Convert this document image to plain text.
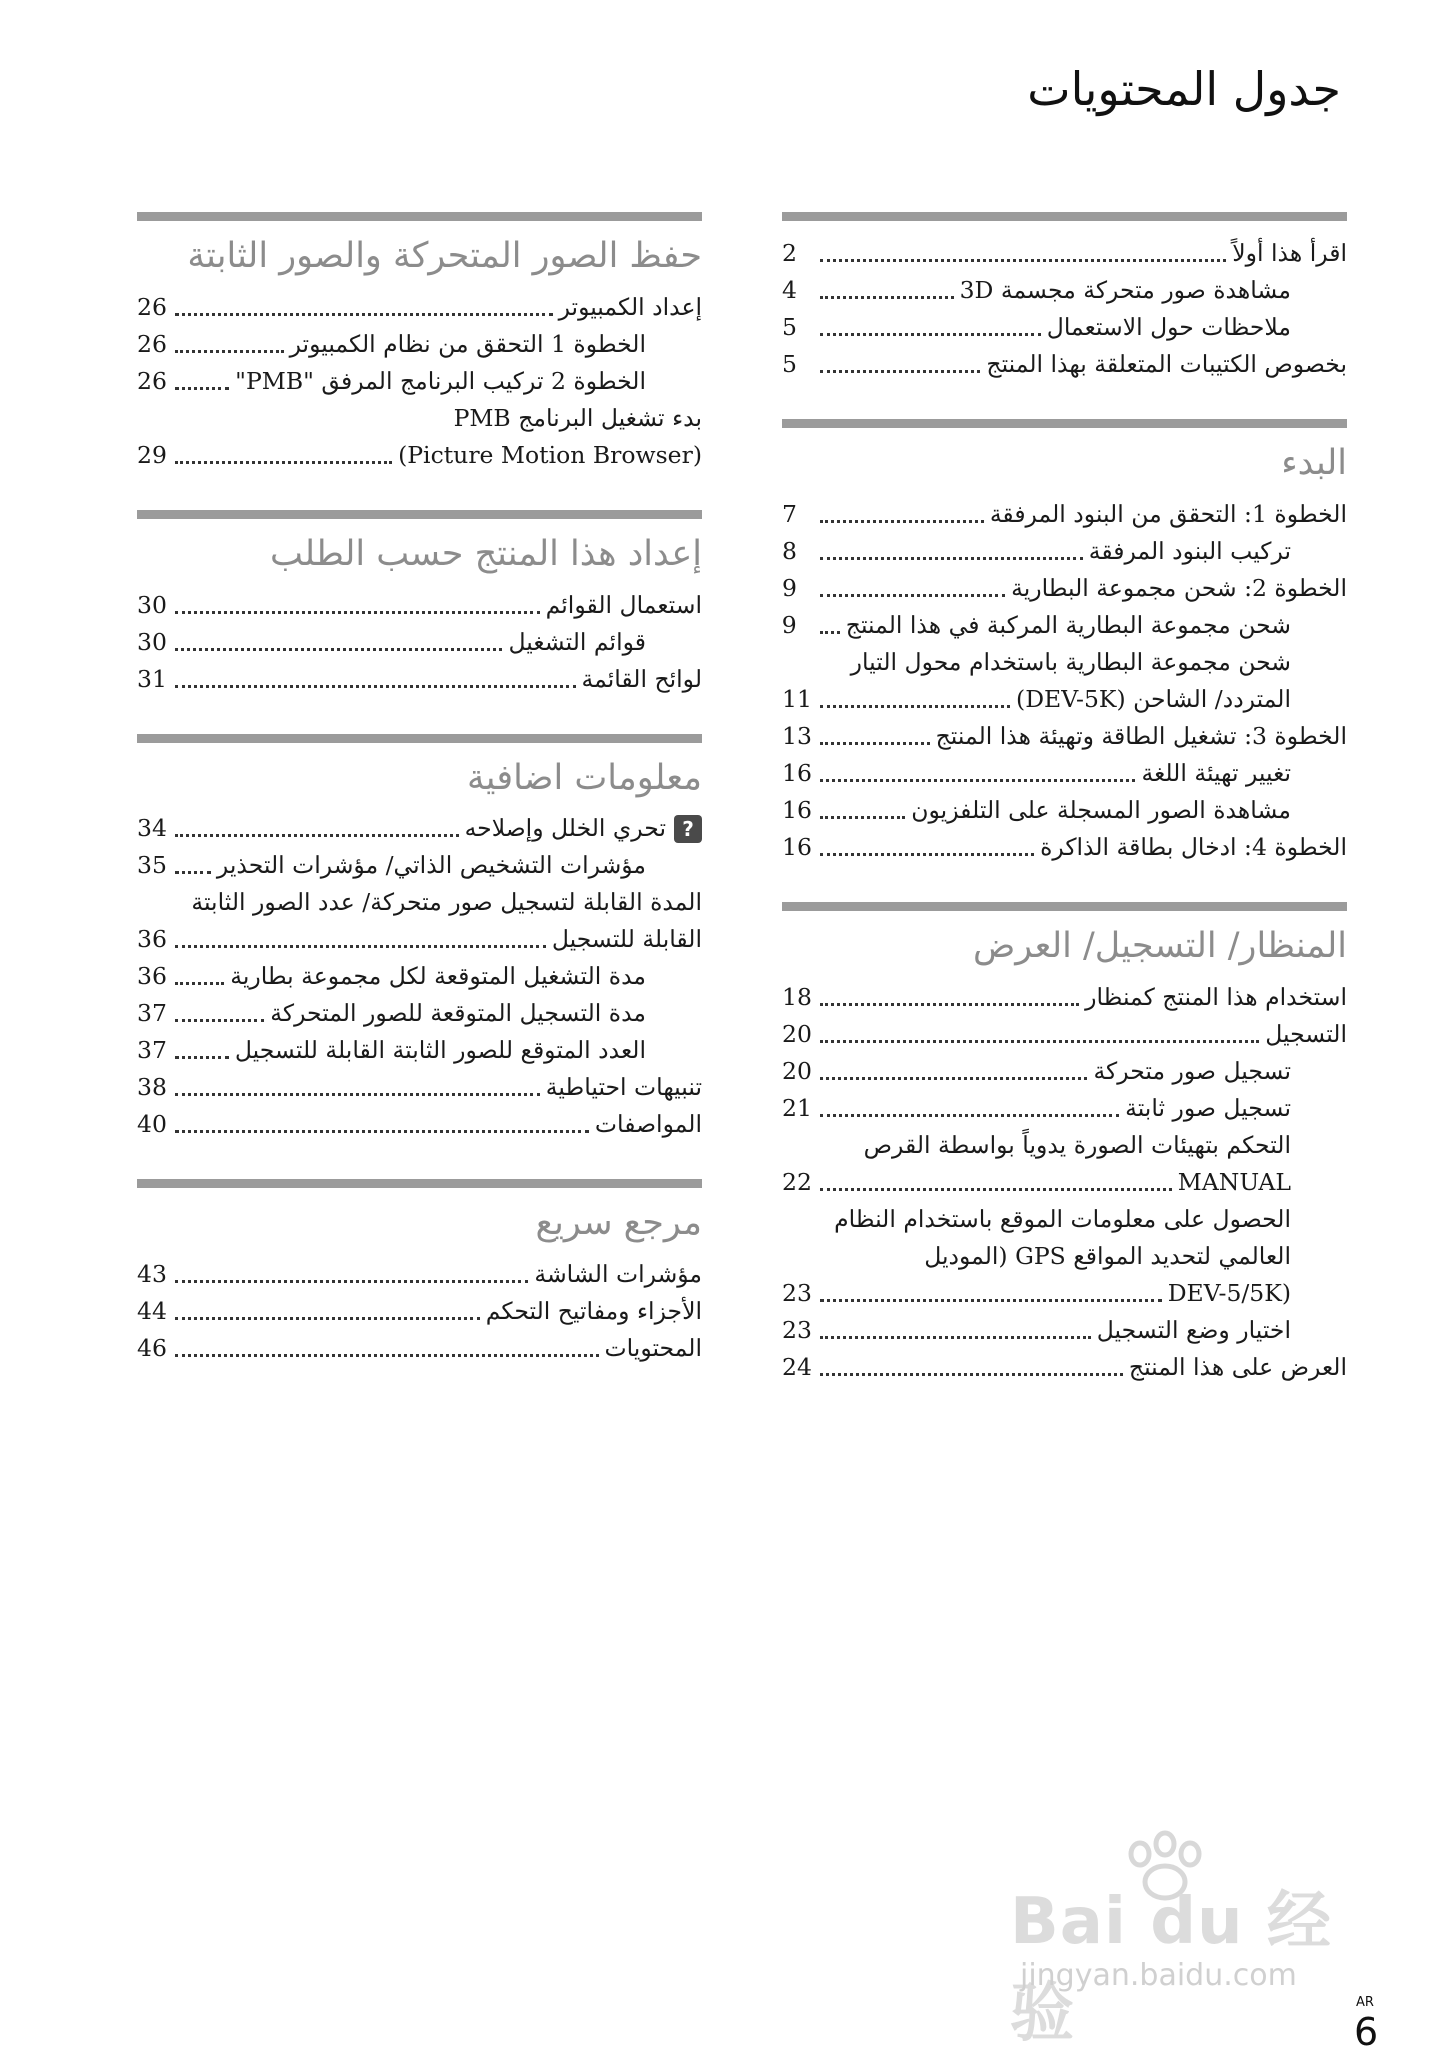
جدول المحتويات
اقرأ هذا أولاً
2
مشاهدة صور متحركة مجسمة 3D
4
ملاحظات حول الاستعمال
5
بخصوص الكتيبات المتعلقة بهذا المنتج
5
البدء
الخطوة 1: التحقق من البنود المرفقة
7
تركيب البنود المرفقة
8
الخطوة 2: شحن مجموعة البطارية
9
شحن مجموعة البطارية المركبة في هذا المنتج
9
شحن مجموعة البطارية باستخدام محول التيار
المتردد/ الشاحن (DEV-5K)
11
الخطوة 3: تشغيل الطاقة وتهيئة هذا المنتج
13
تغيير تهيئة اللغة
16
مشاهدة الصور المسجلة على التلفزيون
16
الخطوة 4: ادخال بطاقة الذاكرة
16
المنظار/ التسجيل/ العرض
استخدام هذا المنتج كمنظار
18
التسجيل
20
تسجيل صور متحركة
20
تسجيل صور ثابتة
21
التحكم بتهيئات الصورة يدوياً بواسطة القرص
MANUAL
22
الحصول على معلومات الموقع باستخدام النظام
العالمي لتحديد المواقع GPS (الموديل
(DEV-5/5K
23
اختيار وضع التسجيل
23
العرض على هذا المنتج
24
حفظ الصور المتحركة والصور الثابتة
إعداد الكمبيوتر
26
الخطوة 1 التحقق من نظام الكمبيوتر
26
الخطوة 2 تركيب البرنامج المرفق "PMB"
26
بدء تشغيل البرنامج PMB
(Picture Motion Browser)
29
إعداد هذا المنتج حسب الطلب
استعمال القوائم
30
قوائم التشغيل
30
لوائح القائمة
31
معلومات اضافية
?
تحري الخلل وإصلاحه
34
مؤشرات التشخيص الذاتي/ مؤشرات التحذير
35
المدة القابلة لتسجيل صور متحركة/ عدد الصور الثابتة
القابلة للتسجيل
36
مدة التشغيل المتوقعة لكل مجموعة بطارية
36
مدة التسجيل المتوقعة للصور المتحركة
37
العدد المتوقع للصور الثابتة القابلة للتسجيل
37
تنبيهات احتياطية
38
المواصفات
40
مرجع سريع
مؤشرات الشاشة
43
الأجزاء ومفاتيح التحكم
44
المحتويات
46
Bai du 经验
jingyan.baidu.com
AR
6
